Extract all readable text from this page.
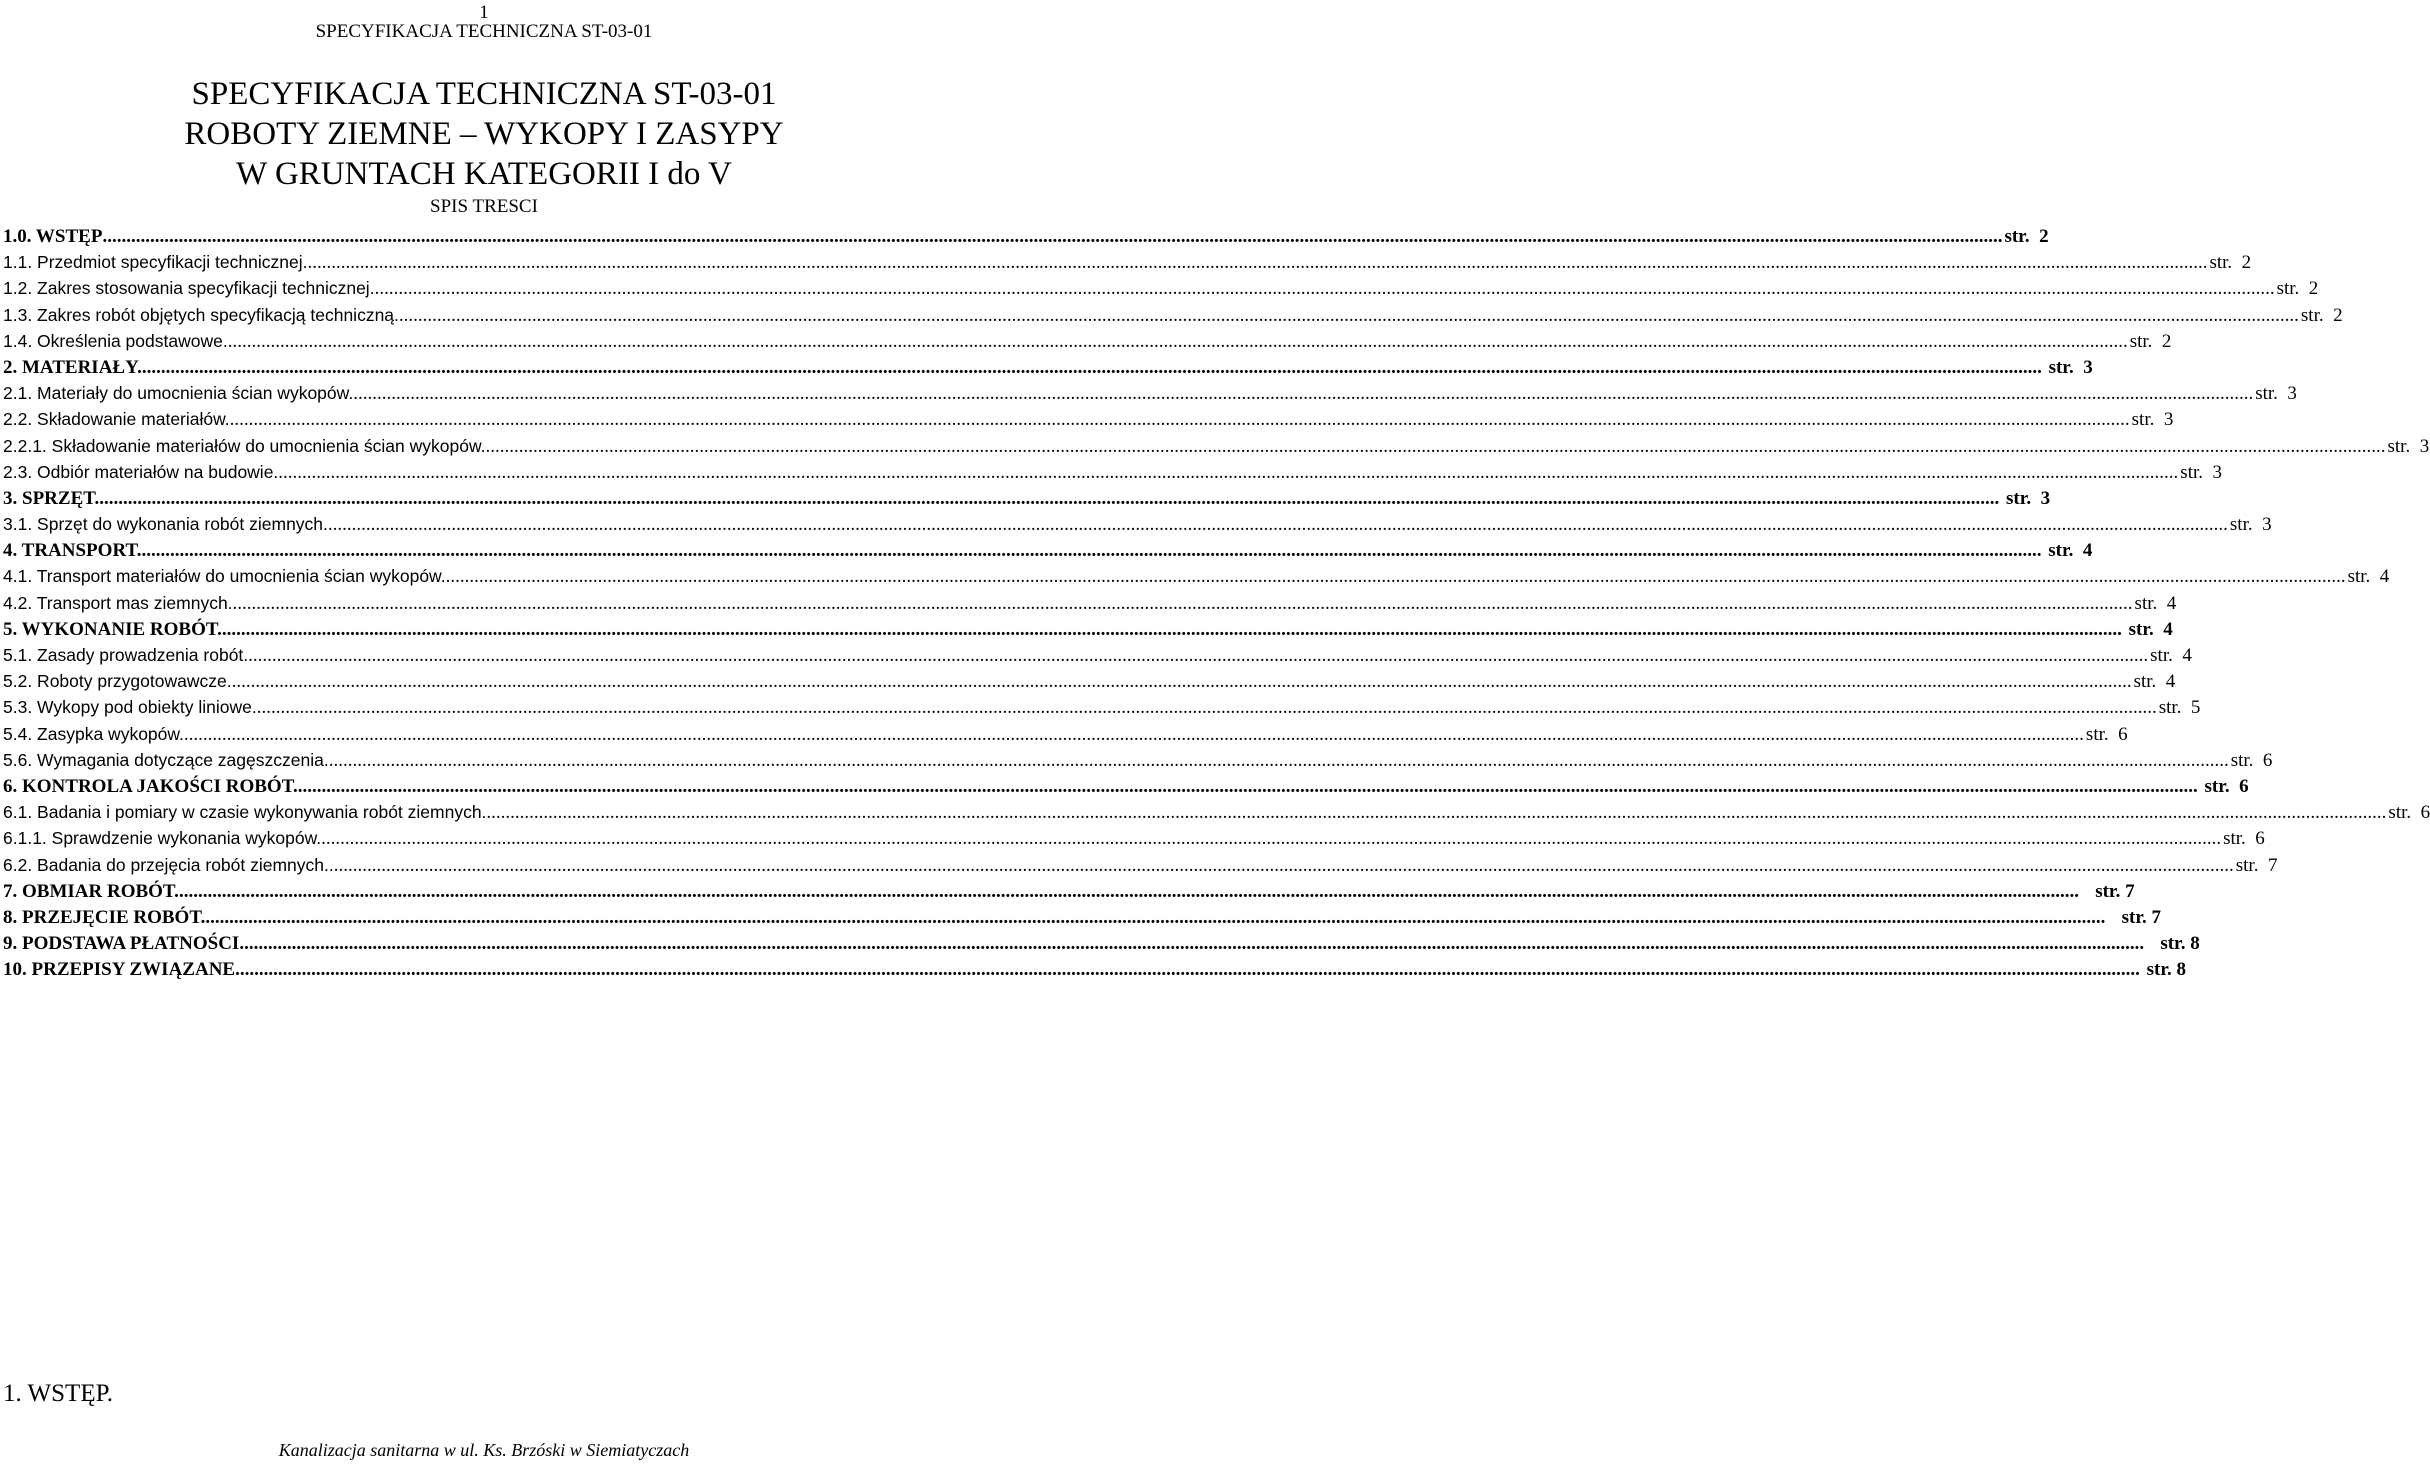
1
SPECYFIKACJA TECHNICZNA ST-03-01
SPECYFIKACJA TECHNICZNA ST-03-01
ROBOTY ZIEMNE – WYKOPY I ZASYPY
W GRUNTACH KATEGORII I do V
SPIS TRESCI
1.0. WSTĘP ................................................................................................................................................................................................................................................................................................................................................................................................................ str.  2
1.1. Przedmiot specyfikacji technicznej. ................................................................................................................................................................................................................................................................................................................................................................................................................ str.  2
1.2. Zakres stosowania specyfikacji technicznej. ................................................................................................................................................................................................................................................................................................................................................................................................................ str.  2
1.3. Zakres robót objętych specyfikacją techniczną. ................................................................................................................................................................................................................................................................................................................................................................................................................ str.  2
1.4. Określenia podstawowe. ................................................................................................................................................................................................................................................................................................................................................................................................................ str.  2
2. MATERIAŁY. ................................................................................................................................................................................................................................................................................................................................................................................................................ str.  3
2.1. Materiały do umocnienia ścian wykopów. ................................................................................................................................................................................................................................................................................................................................................................................................................ str.  3
2.2. Składowanie materiałów. ................................................................................................................................................................................................................................................................................................................................................................................................................ str.  3
2.2.1. Składowanie materiałów do umocnienia ścian wykopów. ................................................................................................................................................................................................................................................................................................................................................................................................................ str.  3
2.3. Odbiór materiałów na budowie. ................................................................................................................................................................................................................................................................................................................................................................................................................ str.  3
3. SPRZĘT. ................................................................................................................................................................................................................................................................................................................................................................................................................ str.  3
3.1. Sprzęt do wykonania robót ziemnych. ................................................................................................................................................................................................................................................................................................................................................................................................................ str.  3
4. TRANSPORT. ................................................................................................................................................................................................................................................................................................................................................................................................................ str.  4
4.1. Transport materiałów do umocnienia ścian wykopów. ................................................................................................................................................................................................................................................................................................................................................................................................................ str.  4
4.2. Transport mas ziemnych. ................................................................................................................................................................................................................................................................................................................................................................................................................ str.  4
5. WYKONANIE ROBÓT. ................................................................................................................................................................................................................................................................................................................................................................................................................ str.  4
5.1. Zasady prowadzenia robót. ................................................................................................................................................................................................................................................................................................................................................................................................................ str.  4
5.2. Roboty przygotowawcze. ................................................................................................................................................................................................................................................................................................................................................................................................................ str.  4
5.3. Wykopy pod obiekty liniowe. ................................................................................................................................................................................................................................................................................................................................................................................................................ str.  5
5.4. Zasypka wykopów. ................................................................................................................................................................................................................................................................................................................................................................................................................ str.  6
5.6. Wymagania dotyczące zagęszczenia. ................................................................................................................................................................................................................................................................................................................................................................................................................ str.  6
6. KONTROLA JAKOŚCI ROBÓT. ................................................................................................................................................................................................................................................................................................................................................................................................................ str.  6
6.1. Badania i pomiary w czasie wykonywania robót ziemnych. ................................................................................................................................................................................................................................................................................................................................................................................................................ str.  6
6.1.1. Sprawdzenie wykonania wykopów. ................................................................................................................................................................................................................................................................................................................................................................................................................ str.  6
6.2. Badania do przejęcia robót ziemnych.. ................................................................................................................................................................................................................................................................................................................................................................................................................ str.  7
7. OBMIAR ROBÓT. ................................................................................................................................................................................................................................................................................................................................................................................................................ str. 7
8. PRZEJĘCIE ROBÓT. ................................................................................................................................................................................................................................................................................................................................................................................................................ str. 7
9. PODSTAWA PŁATNOŚCI. ................................................................................................................................................................................................................................................................................................................................................................................................................ str. 8
10. PRZEPISY ZWIĄZANE. ................................................................................................................................................................................................................................................................................................................................................................................................................ str. 8
1. WSTĘP.
Kanalizacja sanitarna w ul. Ks. Brzóski w Siemiatyczach
